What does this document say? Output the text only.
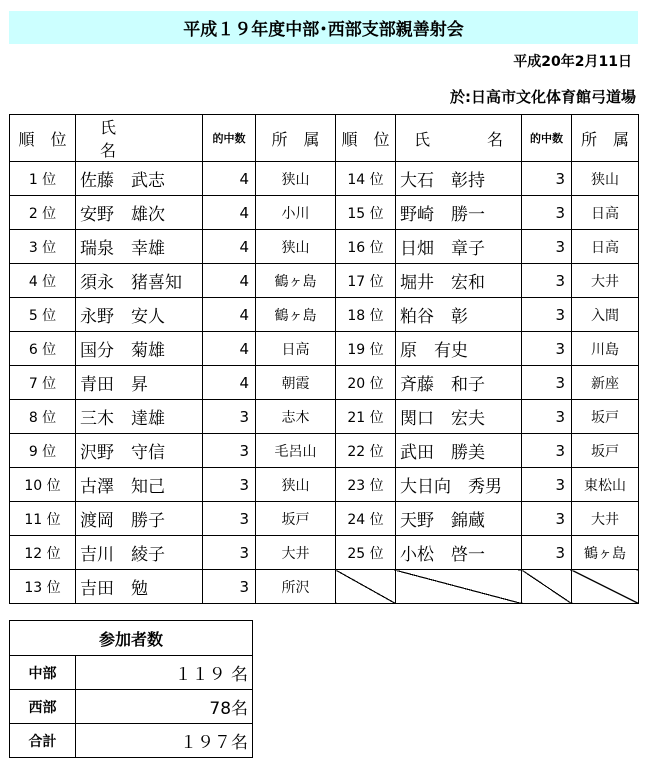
平成１９年度中部･西部支部親善射会
平成20年2月11日
於:日高市文化体育館弓道場
順　位	氏　　　名	的中数	所　属	順　位	氏　　　名	的中数	所　属
1 位	佐藤　武志	4	狭山	14 位	大石　彰持	3	狭山
2 位	安野　雄次	4	小川	15 位	野崎　勝一	3	日高
3 位	瑞泉　幸雄	4	狭山	16 位	日畑　章子	3	日高
4 位	須永　猪喜知	4	鶴ヶ島	17 位	堀井　宏和	3	大井
5 位	永野　安人	4	鶴ヶ島	18 位	粕谷　彰	3	入間
6 位	国分　菊雄	4	日高	19 位	原　有史	3	川島
7 位	青田　昇	4	朝霞	20 位	斉藤　和子	3	新座
8 位	三木　達雄	3	志木	21 位	関口　宏夫	3	坂戸
9 位	沢野　守信	3	毛呂山	22 位	武田　勝美	3	坂戸
10 位	古澤　知己	3	狭山	23 位	大日向　秀男	3	東松山
11 位	渡岡　勝子	3	坂戸	24 位	天野　錦蔵	3	大井
12 位	吉川　綾子	3	大井	25 位	小松　啓一	3	鶴ヶ島
13 位	吉田　勉	3	所沢				
参加者数	
中部	１１９ 名
西部	78名
合計	１９７名
